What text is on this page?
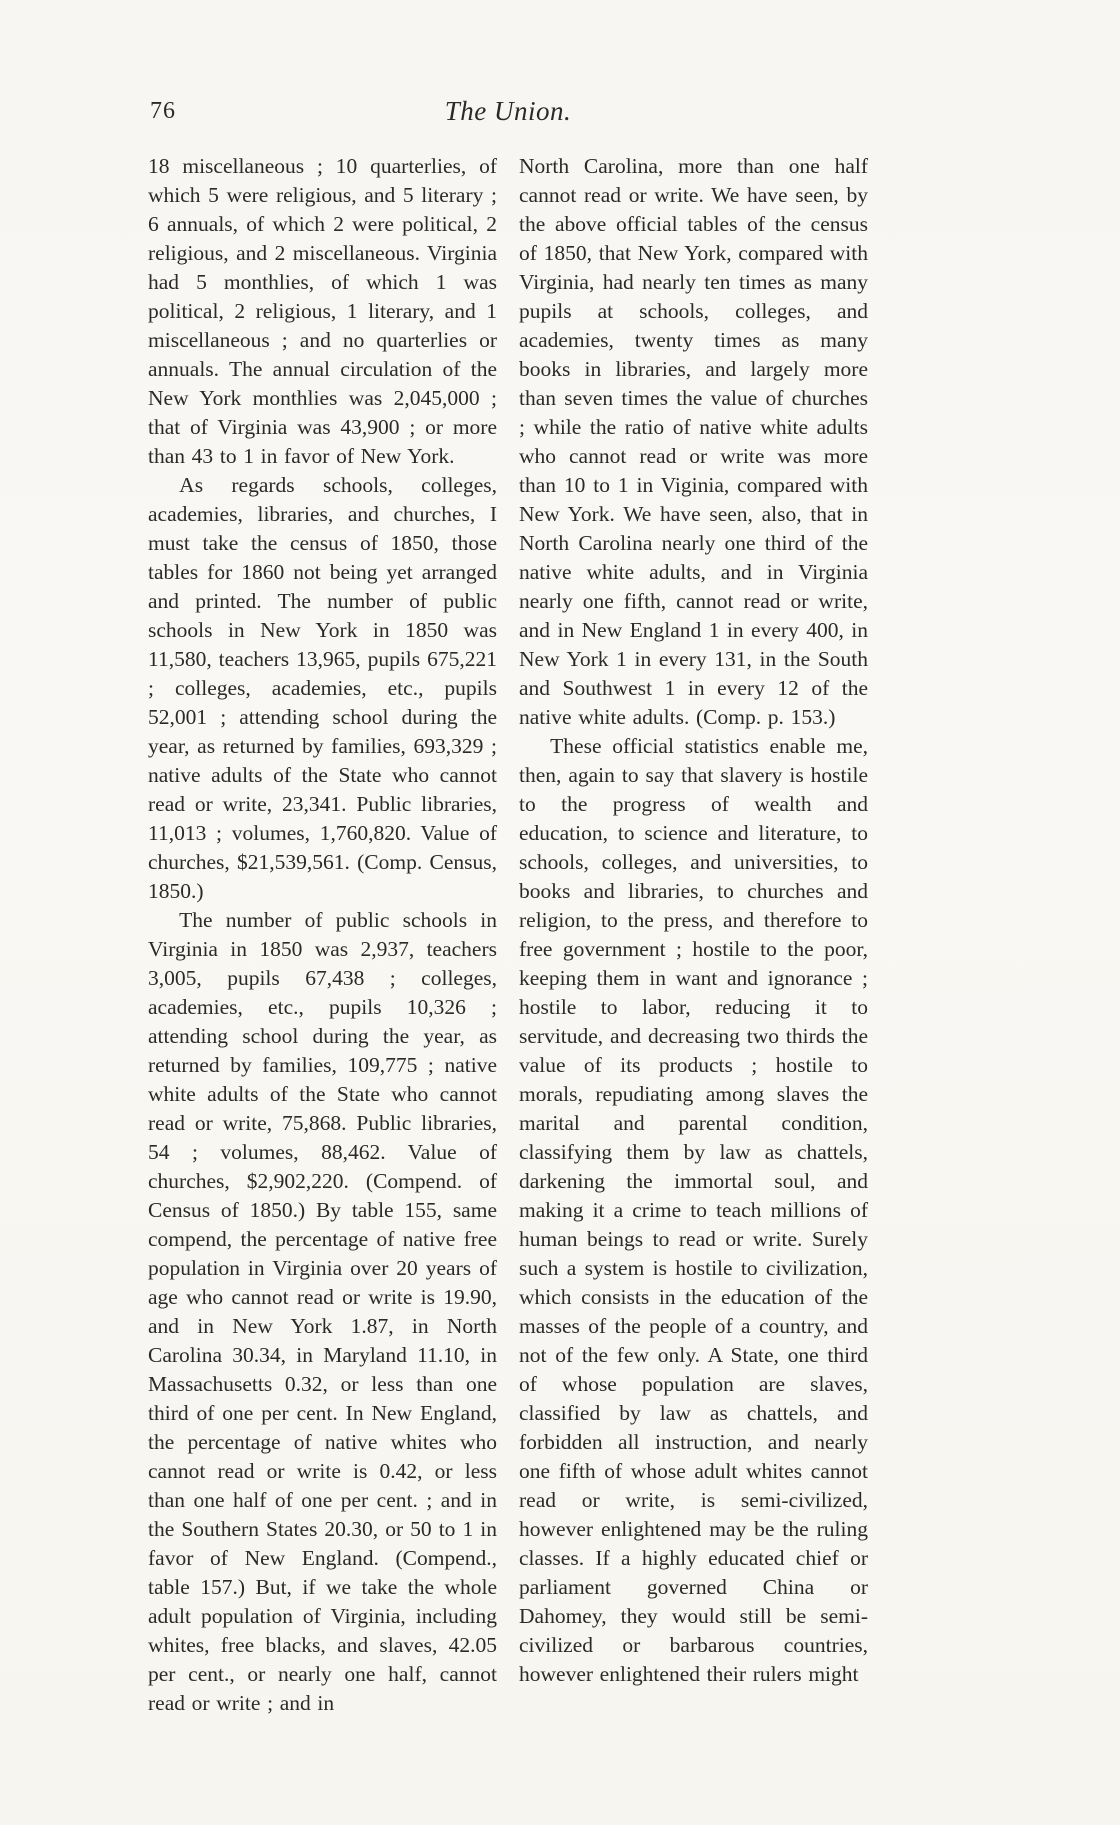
76	The Union.

18 miscellaneous ; 10 quarterlies, of which 5 were religious, and 5 literary ; 6 annuals, of which 2 were political, 2 religious, and 2 miscellaneous. Virginia had 5 monthlies, of which 1 was political, 2 religious, 1 literary, and 1 miscellaneous ; and no quarterlies or annuals. The annual circulation of the New York monthlies was 2,045,000 ; that of Virginia was 43,900 ; or more than 43 to 1 in favor of New York.

As regards schools, colleges, academies, libraries, and churches, I must take the census of 1850, those tables for 1860 not being yet arranged and printed. The number of public schools in New York in 1850 was 11,580, teachers 13,965, pupils 675,221 ; colleges, academies, etc., pupils 52,001 ; attending school during the year, as returned by families, 693,329 ; native adults of the State who cannot read or write, 23,341. Public libraries, 11,013 ; volumes, 1,760,820. Value of churches, $21,539,561. (Comp. Census, 1850.)

The number of public schools in Virginia in 1850 was 2,937, teachers 3,005, pupils 67,438 ; colleges, academies, etc., pupils 10,326 ; attending school during the year, as returned by families, 109,775 ; native white adults of the State who cannot read or write, 75,868. Public libraries, 54 ; volumes, 88,462. Value of churches, $2,902,220. (Compend. of Census of 1850.) By table 155, same compend, the percentage of native free population in Virginia over 20 years of age who cannot read or write is 19.90, and in New York 1.87, in North Carolina 30.34, in Maryland 11.10, in Massachusetts 0.32, or less than one third of one per cent. In New England, the percentage of native whites who cannot read or write is 0.42, or less than one half of one per cent. ; and in the Southern States 20.30, or 50 to 1 in favor of New England. (Compend., table 157.) But, if we take the whole adult population of Virginia, including whites, free blacks, and slaves, 42.05 per cent., or nearly one half, cannot read or write ; and in

North Carolina, more than one half cannot read or write. We have seen, by the above official tables of the census of 1850, that New York, compared with Virginia, had nearly ten times as many pupils at schools, colleges, and academies, twenty times as many books in libraries, and largely more than seven times the value of churches ; while the ratio of native white adults who cannot read or write was more than 10 to 1 in Viginia, compared with New York. We have seen, also, that in North Carolina nearly one third of the native white adults, and in Virginia nearly one fifth, cannot read or write, and in New England 1 in every 400, in New York 1 in every 131, in the South and Southwest 1 in every 12 of the native white adults. (Comp. p. 153.)

These official statistics enable me, then, again to say that slavery is hostile to the progress of wealth and education, to science and literature, to schools, colleges, and universities, to books and libraries, to churches and religion, to the press, and therefore to free government ; hostile to the poor, keeping them in want and ignorance ; hostile to labor, reducing it to servitude, and decreasing two thirds the value of its products ; hostile to morals, repudiating among slaves the marital and parental condition, classifying them by law as chattels, darkening the immortal soul, and making it a crime to teach millions of human beings to read or write. Surely such a system is hostile to civilization, which consists in the education of the masses of the people of a country, and not of the few only. A State, one third of whose population are slaves, classified by law as chattels, and forbidden all instruction, and nearly one fifth of whose adult whites cannot read or write, is semi-civilized, however enlightened may be the ruling classes. If a highly educated chief or parliament governed China or Dahomey, they would still be semi-civilized or barbarous countries, however enlightened their rulers might
